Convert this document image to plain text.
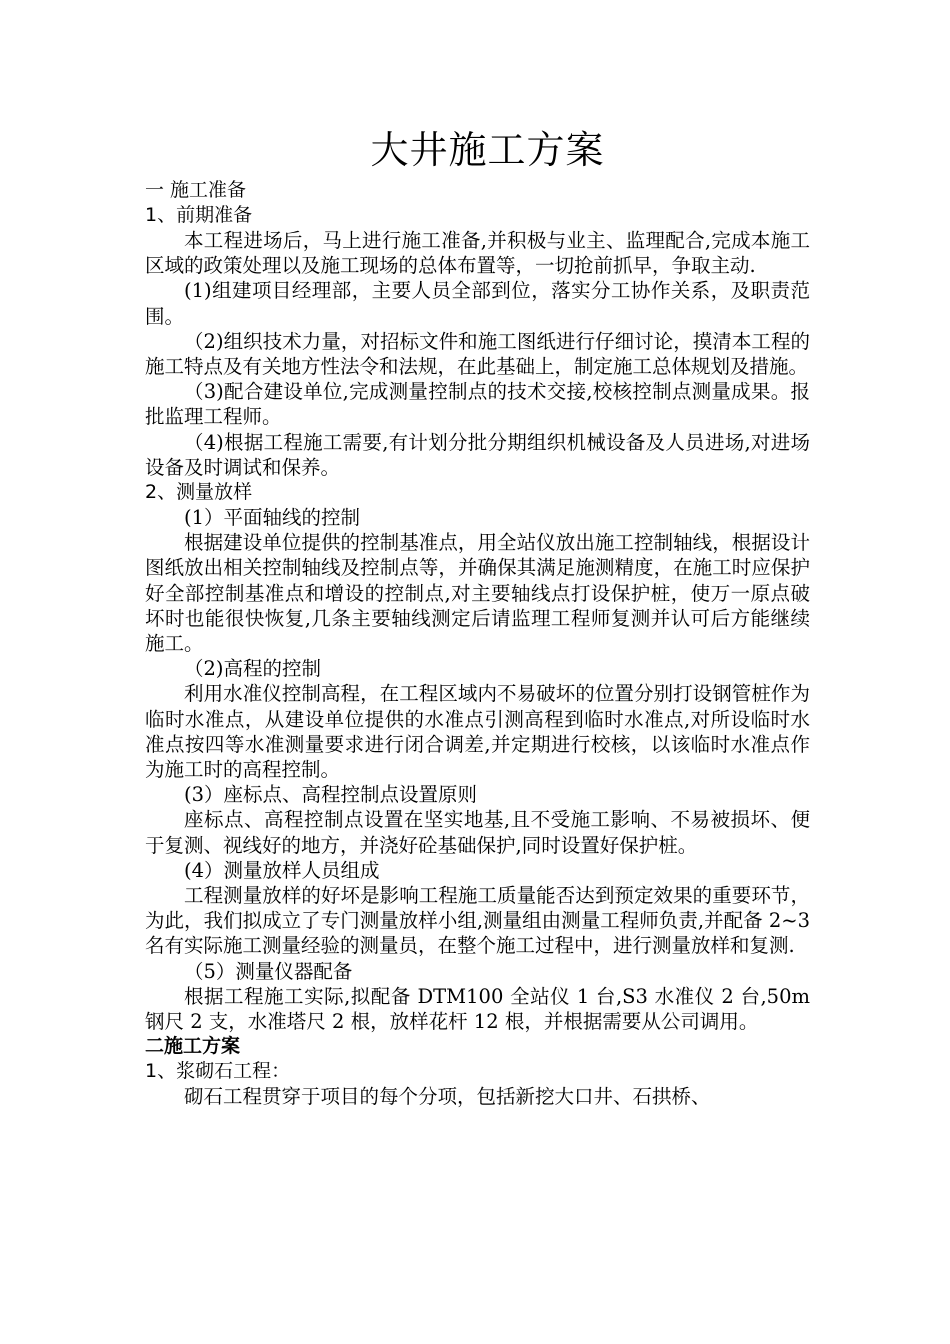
大井施工方案
一 施工准备
1、前期准备

本工程进场后，马上进行施工准备,并积极与业主、监理配合,完成本施工区域的政策处理以及施工现场的总体布置等，一切抢前抓早，争取主动.

(1)组建项目经理部，主要人员全部到位，落实分工协作关系，及职责范围。

（2)组织技术力量，对招标文件和施工图纸进行仔细讨论，摸清本工程的施工特点及有关地方性法令和法规，在此基础上，制定施工总体规划及措施。

（3)配合建设单位,完成测量控制点的技术交接,校核控制点测量成果。报批监理工程师。

（4)根据工程施工需要,有计划分批分期组织机械设备及人员进场,对进场设备及时调试和保养。

2、测量放样

(1）平面轴线的控制

根据建设单位提供的控制基准点，用全站仪放出施工控制轴线，根据设计图纸放出相关控制轴线及控制点等，并确保其满足施测精度，在施工时应保护好全部控制基准点和增设的控制点,对主要轴线点打设保护桩，使万一原点破坏时也能很快恢复,几条主要轴线测定后请监理工程师复测并认可后方能继续施工。

（2)高程的控制

利用水准仪控制高程，在工程区域内不易破坏的位置分别打设钢管桩作为临时水准点，从建设单位提供的水准点引测高程到临时水准点,对所设临时水准点按四等水准测量要求进行闭合调差,并定期进行校核，以该临时水准点作为施工时的高程控制。

(3）座标点、高程控制点设置原则

座标点、高程控制点设置在坚实地基,且不受施工影响、不易被损坏、便于复测、视线好的地方，并浇好砼基础保护,同时设置好保护桩。

(4）测量放样人员组成

工程测量放样的好坏是影响工程施工质量能否达到预定效果的重要环节，为此，我们拟成立了专门测量放样小组,测量组由测量工程师负责,并配备 2~3 名有实际施工测量经验的测量员，在整个施工过程中，进行测量放样和复测.

（5）测量仪器配备

根据工程施工实际,拟配备 DTM100 全站仪 1 台,S3 水准仪 2 台,50m 钢尺 2 支，水准塔尺 2 根，放样花杆 12 根，并根据需要从公司调用。

二施工方案
1、浆砌石工程：

砌石工程贯穿于项目的每个分项，包括新挖大口井、石拱桥、
